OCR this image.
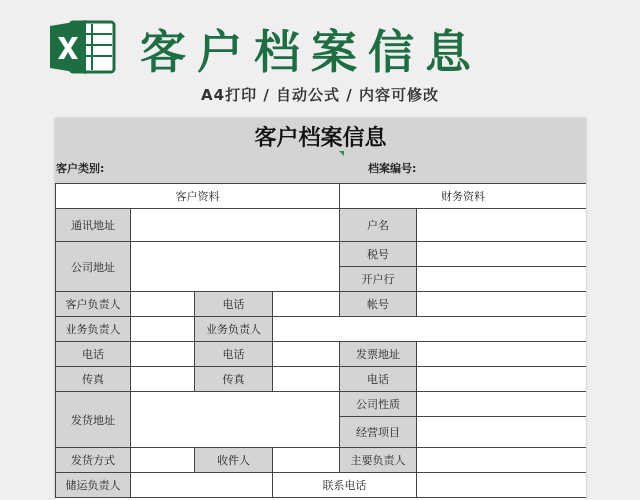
客户档案信息
A4打印 / 自动公式 / 内容可修改
客户档案信息
客户类别:	档案编号:
客户资料				财务资料	
通讯地址				户名	
公司地址				税号	
				开户行	
客户负责人		电话		帐号	
业务负责人		业务负责人			
电话		电话		发票地址	
传真		传真		电话	
发货地址				公司性质	
				经营项目	
发货方式		收件人		主要负责人	
储运负责人			联系电话		
